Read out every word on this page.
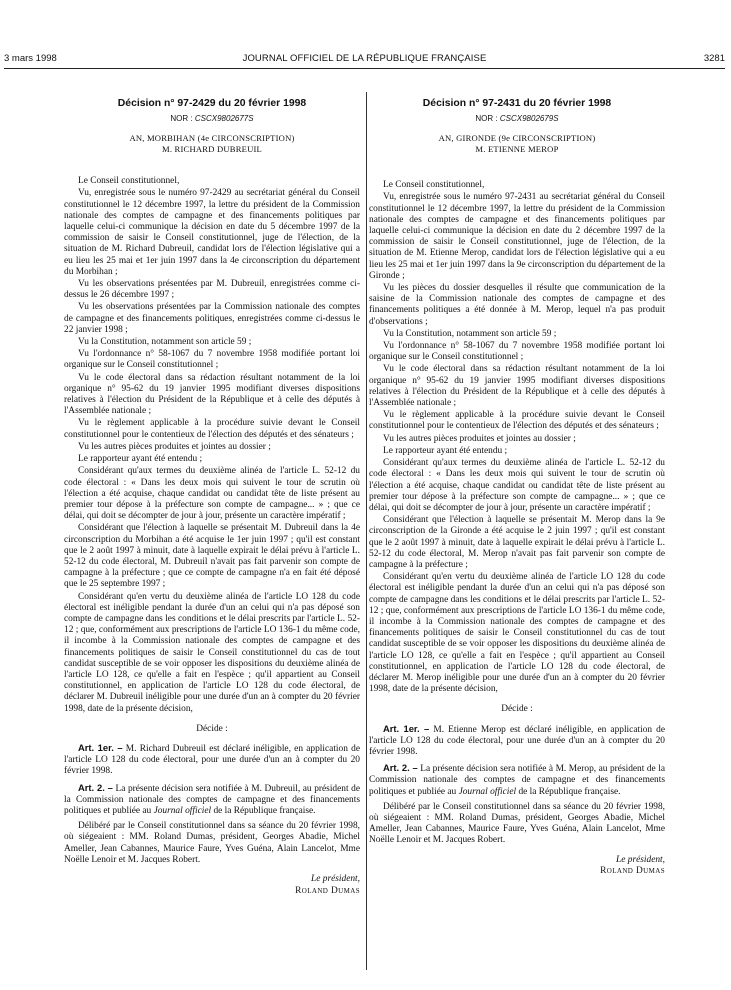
3 mars 1998	JOURNAL OFFICIEL DE LA RÉPUBLIQUE FRANÇAISE	3281
Décision n° 97-2429 du 20 février 1998
NOR : CSCX9802677S
AN, MORBIHAN (4e CIRCONSCRIPTION)
M. RICHARD DUBREUIL

Le Conseil constitutionnel,

Vu, enregistrée sous le numéro 97-2429 au secrétariat général du Conseil constitutionnel le 12 décembre 1997, la lettre du président de la Commission nationale des comptes de campagne et des financements politiques par laquelle celui-ci communique la décision en date du 5 décembre 1997 de la commission de saisir le Conseil constitutionnel, juge de l'élection, de la situation de M. Richard Dubreuil, candidat lors de l'élection législative qui a eu lieu les 25 mai et 1er juin 1997 dans la 4e circonscription du département du Morbihan ;

Vu les observations présentées par M. Dubreuil, enregistrées comme ci-dessus le 26 décembre 1997 ;

Vu les observations présentées par la Commission nationale des comptes de campagne et des financements politiques, enregistrées comme ci-dessus le 22 janvier 1998 ;

Vu la Constitution, notamment son article 59 ;

Vu l'ordonnance n° 58-1067 du 7 novembre 1958 modifiée portant loi organique sur le Conseil constitutionnel ;

Vu le code électoral dans sa rédaction résultant notamment de la loi organique n° 95-62 du 19 janvier 1995 modifiant diverses dispositions relatives à l'élection du Président de la République et à celle des députés à l'Assemblée nationale ;

Vu le règlement applicable à la procédure suivie devant le Conseil constitutionnel pour le contentieux de l'élection des députés et des sénateurs ;

Vu les autres pièces produites et jointes au dossier ;

Le rapporteur ayant été entendu ;

Considérant qu'aux termes du deuxième alinéa de l'article L. 52-12 du code électoral : « Dans les deux mois qui suivent le tour de scrutin où l'élection a été acquise, chaque candidat ou candidat tête de liste présent au premier tour dépose à la préfecture son compte de campagne... » ; que ce délai, qui doit se décompter de jour à jour, présente un caractère impératif ;

Considérant que l'élection à laquelle se présentait M. Dubreuil dans la 4e circonscription du Morbihan a été acquise le 1er juin 1997 ; qu'il est constant que le 2 août 1997 à minuit, date à laquelle expirait le délai prévu à l'article L. 52-12 du code électoral, M. Dubreuil n'avait pas fait parvenir son compte de campagne à la préfecture ; que ce compte de campagne n'a en fait été déposé que le 25 septembre 1997 ;

Considérant qu'en vertu du deuxième alinéa de l'article LO 128 du code électoral est inéligible pendant la durée d'un an celui qui n'a pas déposé son compte de campagne dans les conditions et le délai prescrits par l'article L. 52-12 ; que, conformément aux prescriptions de l'article LO 136-1 du même code, il incombe à la Commission nationale des comptes de campagne et des financements politiques de saisir le Conseil constitutionnel du cas de tout candidat susceptible de se voir opposer les dispositions du deuxième alinéa de l'article LO 128, ce qu'elle a fait en l'espèce ; qu'il appartient au Conseil constitutionnel, en application de l'article LO 128 du code électoral, de déclarer M. Dubreuil inéligible pour une durée d'un an à compter du 20 février 1998, date de la présente décision,

Décide :

Art. 1er. – M. Richard Dubreuil est déclaré inéligible, en application de l'article LO 128 du code électoral, pour une durée d'un an à compter du 20 février 1998.

Art. 2. – La présente décision sera notifiée à M. Dubreuil, au président de la Commission nationale des comptes de campagne et des financements politiques et publiée au Journal officiel de la République française.

Délibéré par le Conseil constitutionnel dans sa séance du 20 février 1998, où siégeaient : MM. Roland Dumas, président, Georges Abadie, Michel Ameller, Jean Cabannes, Maurice Faure, Yves Guéna, Alain Lancelot, Mme Noëlle Lenoir et M. Jacques Robert.

Le président,
Roland Dumas
Décision n° 97-2431 du 20 février 1998
NOR : CSCX9802679S
AN, GIRONDE (9e CIRCONSCRIPTION)
M. ETIENNE MEROP

Le Conseil constitutionnel,

Vu, enregistrée sous le numéro 97-2431 au secrétariat général du Conseil constitutionnel le 12 décembre 1997, la lettre du président de la Commission nationale des comptes de campagne et des financements politiques par laquelle celui-ci communique la décision en date du 2 décembre 1997 de la commission de saisir le Conseil constitutionnel, juge de l'élection, de la situation de M. Etienne Merop, candidat lors de l'élection législative qui a eu lieu les 25 mai et 1er juin 1997 dans la 9e circonscription du département de la Gironde ;

Vu les pièces du dossier desquelles il résulte que communication de la saisine de la Commission nationale des comptes de campagne et des financements politiques a été donnée à M. Merop, lequel n'a pas produit d'observations ;

Vu la Constitution, notamment son article 59 ;

Vu l'ordonnance n° 58-1067 du 7 novembre 1958 modifiée portant loi organique sur le Conseil constitutionnel ;

Vu le code électoral dans sa rédaction résultant notamment de la loi organique n° 95-62 du 19 janvier 1995 modifiant diverses dispositions relatives à l'élection du Président de la République et à celle des députés à l'Assemblée nationale ;

Vu le règlement applicable à la procédure suivie devant le Conseil constitutionnel pour le contentieux de l'élection des députés et des sénateurs ;

Vu les autres pièces produites et jointes au dossier ;

Le rapporteur ayant été entendu ;

Considérant qu'aux termes du deuxième alinéa de l'article L. 52-12 du code électoral : « Dans les deux mois qui suivent le tour de scrutin où l'élection a été acquise, chaque candidat ou candidat tête de liste présent au premier tour dépose à la préfecture son compte de campagne... » ; que ce délai, qui doit se décompter de jour à jour, présente un caractère impératif ;

Considérant que l'élection à laquelle se présentait M. Merop dans la 9e circonscription de la Gironde a été acquise le 2 juin 1997 ; qu'il est constant que le 2 août 1997 à minuit, date à laquelle expirait le délai prévu à l'article L. 52-12 du code électoral, M. Merop n'avait pas fait parvenir son compte de campagne à la préfecture ;

Considérant qu'en vertu du deuxième alinéa de l'article LO 128 du code électoral est inéligible pendant la durée d'un an celui qui n'a pas déposé son compte de campagne dans les conditions et le délai prescrits par l'article L. 52-12 ; que, conformément aux prescriptions de l'article LO 136-1 du même code, il incombe à la Commission nationale des comptes de campagne et des financements politiques de saisir le Conseil constitutionnel du cas de tout candidat susceptible de se voir opposer les dispositions du deuxième alinéa de l'article LO 128, ce qu'elle a fait en l'espèce ; qu'il appartient au Conseil constitutionnel, en application de l'article LO 128 du code électoral, de déclarer M. Merop inéligible pour une durée d'un an à compter du 20 février 1998, date de la présente décision,

Décide :

Art. 1er. – M. Etienne Merop est déclaré inéligible, en application de l'article LO 128 du code électoral, pour une durée d'un an à compter du 20 février 1998.

Art. 2. – La présente décision sera notifiée à M. Merop, au président de la Commission nationale des comptes de campagne et des financements politiques et publiée au Journal officiel de la République française.

Délibéré par le Conseil constitutionnel dans sa séance du 20 février 1998, où siégeaient : MM. Roland Dumas, président, Georges Abadie, Michel Ameller, Jean Cabannes, Maurice Faure, Yves Guéna, Alain Lancelot, Mme Noëlle Lenoir et M. Jacques Robert.

Le président,
Roland Dumas
